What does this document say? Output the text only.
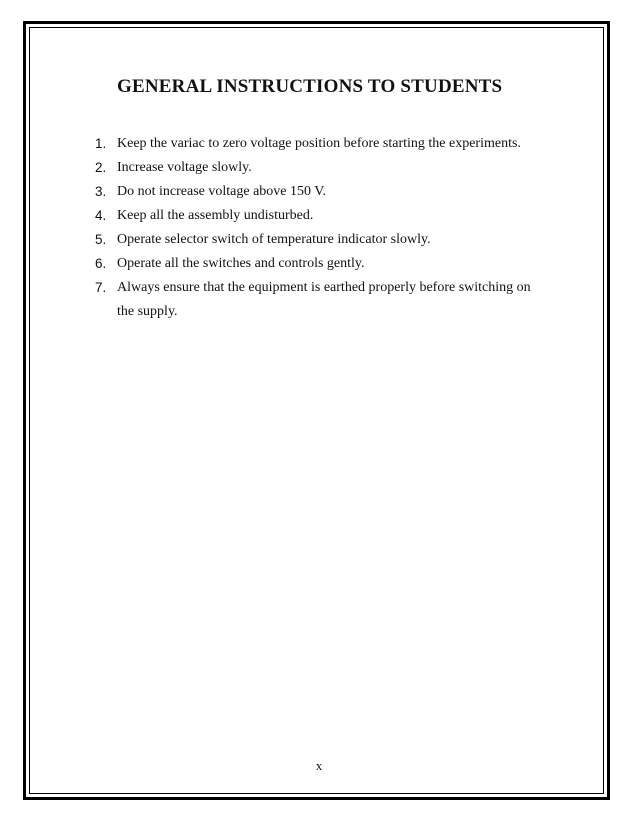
GENERAL INSTRUCTIONS TO STUDENTS
1. Keep the variac to zero voltage position before starting the experiments.
2. Increase voltage slowly.
3. Do not increase voltage above 150 V.
4. Keep all the assembly undisturbed.
5. Operate selector switch of temperature indicator slowly.
6. Operate all the switches and controls gently.
7. Always ensure that the equipment is earthed properly before switching on the supply.
x
